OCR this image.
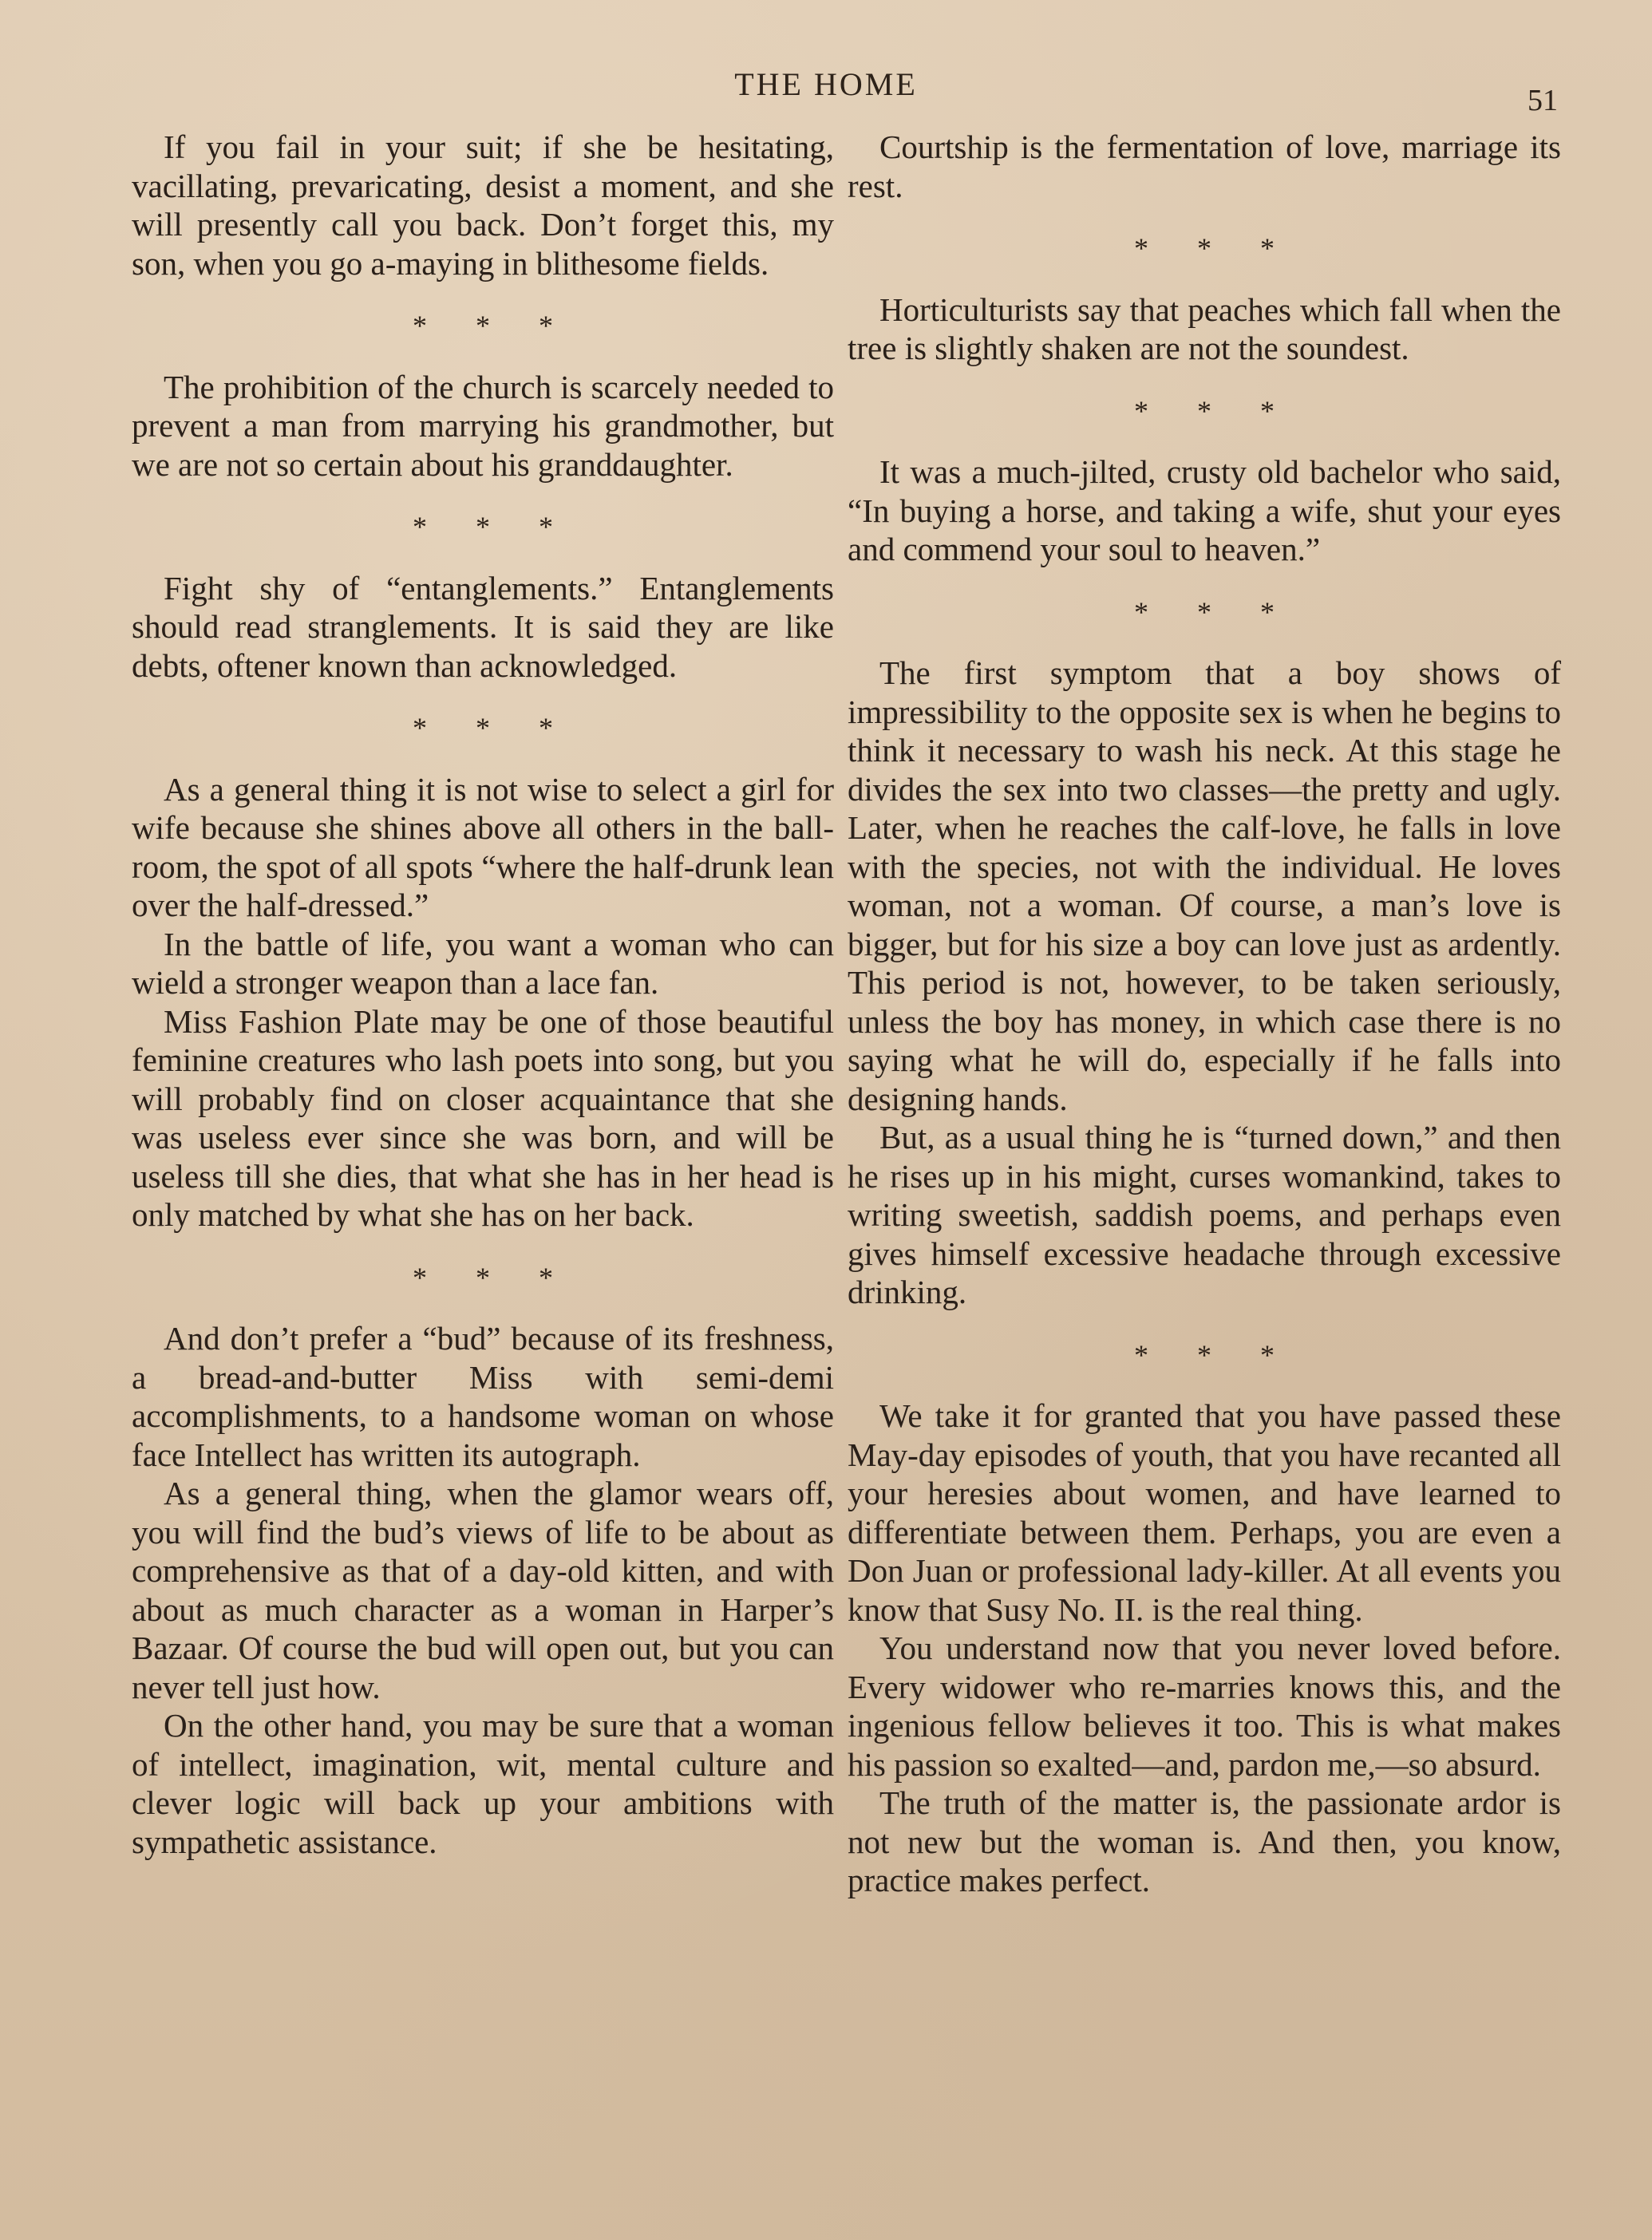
THE HOME	51

If you fail in your suit; if she be hesitating, vacillating, prevaricating, desist a moment, and she will presently call you back. Don’t forget this, my son, when you go a-maying in blithesome fields.

* * *

The prohibition of the church is scarcely needed to prevent a man from marrying his grandmother, but we are not so certain about his granddaughter.

* * *

Fight shy of “entanglements.” Entanglements should read stranglements. It is said they are like debts, oftener known than acknowledged.

* * *

As a general thing it is not wise to select a girl for wife because she shines above all others in the ball-room, the spot of all spots “where the half-drunk lean over the half-dressed.”

In the battle of life, you want a woman who can wield a stronger weapon than a lace fan.

Miss Fashion Plate may be one of those beautiful feminine creatures who lash poets into song, but you will probably find on closer acquaintance that she was useless ever since she was born, and will be useless till she dies, that what she has in her head is only matched by what she has on her back.

* * *

And don’t prefer a “bud” because of its freshness, a bread-and-butter Miss with semi-demi accomplishments, to a handsome woman on whose face Intellect has written its autograph.

As a general thing, when the glamor wears off, you will find the bud’s views of life to be about as comprehensive as that of a day-old kitten, and with about as much character as a woman in Harper’s Bazaar. Of course the bud will open out, but you can never tell just how.

On the other hand, you may be sure that a woman of intellect, imagination, wit, mental culture and clever logic will back up your ambitions with sympathetic assistance.

Courtship is the fermentation of love, marriage its rest.

* * *

Horticulturists say that peaches which fall when the tree is slightly shaken are not the soundest.

* * *

It was a much-jilted, crusty old bachelor who said, “In buying a horse, and taking a wife, shut your eyes and commend your soul to heaven.”

* * *

The first symptom that a boy shows of impressibility to the opposite sex is when he begins to think it necessary to wash his neck. At this stage he divides the sex into two classes—the pretty and ugly. Later, when he reaches the calf-love, he falls in love with the species, not with the individual. He loves woman, not a woman. Of course, a man’s love is bigger, but for his size a boy can love just as ardently. This period is not, however, to be taken seriously, unless the boy has money, in which case there is no saying what he will do, especially if he falls into designing hands.

But, as a usual thing he is “turned down,” and then he rises up in his might, curses womankind, takes to writing sweetish, saddish poems, and perhaps even gives himself excessive headache through excessive drinking.

* * *

We take it for granted that you have passed these May-day episodes of youth, that you have recanted all your heresies about women, and have learned to differentiate between them. Perhaps, you are even a Don Juan or professional lady-killer. At all events you know that Susy No. II. is the real thing.

You understand now that you never loved before. Every widower who re-marries knows this, and the ingenious fellow believes it too. This is what makes his passion so exalted—and, pardon me,—so absurd.

The truth of the matter is, the passionate ardor is not new but the woman is. And then, you know, practice makes perfect.
